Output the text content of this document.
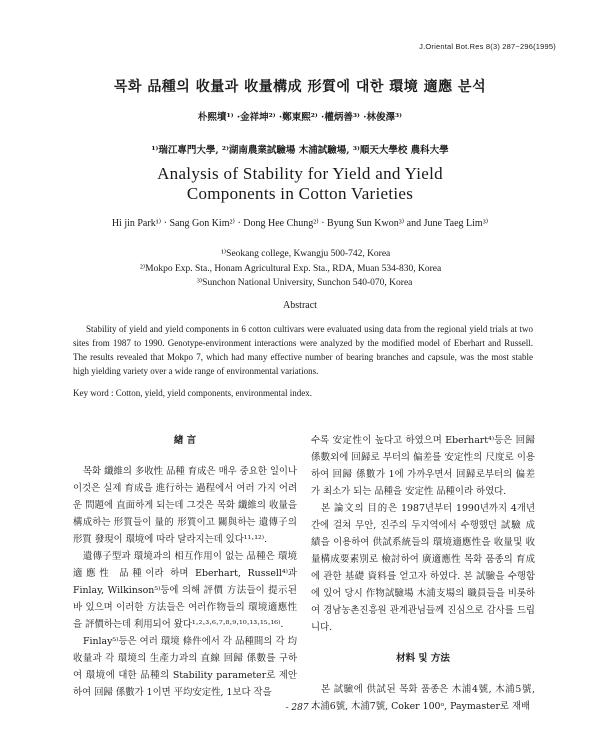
J.Oriental Bot.Res 8(3) 287~296(1995)
목화 品種의 收量과 收量構成 形質에 대한 環境 適應 분석
朴熙墳¹⁾ ·金祥坤²⁾ ·鄭東熙²⁾ ·權炳善³⁾ ·林俊澤³⁾
¹⁾瑞江專門大學, ²⁾湖南農業試驗場 木浦試驗場, ³⁾順天大學校 農科大學
Analysis of Stability for Yield and Yield
Components in Cotton Varieties
Hi jin Park¹⁾ · Sang Gon Kim²⁾ · Dong Hee Chung²⁾ · Byung Sun Kwon³⁾ and June Taeg Lim³⁾
¹⁾Seokang college, Kwangju 500-742, Korea
²⁾Mokpo Exp. Sta., Honam Agricultural Exp. Sta., RDA, Muan 534-830, Korea
³⁾Sunchon National University, Sunchon 540-070, Korea
Abstract
Stability of yield and yield components in 6 cotton cultivars were evaluated using data from the regional yield trials at two sites from 1987 to 1990. Genotype-environment interactions were analyzed by the modified model of Eberhart and Russell. The results revealed that Mokpo 7, which had many effective number of bearing branches and capsule, was the most stable high yielding variety over a wide range of environmental variations.
Key word : Cotton, yield, yield components, environmental index.

緖 言

목화 纖維의 多收性 品種 育成은 매우 중요한 일이나 이것은 실제 育成을 進行하는 過程에서 여러 가지 어려운 問題에 直面하게 되는데 그것은 목화 纖維의 收量을 構成하는 形質들이 量的 形質이고 關與하는 遺傳子의 形質 發現이 環境에 따라 달라지는데 있다¹¹·¹²⁾.

遺傳子型과 環境과의 相互作用이 없는 品種은 環境適應性 品種이라 하며 Eberhart, Russell⁴⁾과 Finlay, Wilkinson⁵⁾등에 의해 評價 方法들이 提示된바 있으며 이러한 方法들은 여러作物들의 環境適應性을 評價하는데 利用되어 왔다¹·²·³·⁶·⁷·⁸·⁹·¹⁰·¹³·¹⁵·¹⁶⁾.

Finlay⁵⁾등은 여러 環境 條件에서 각 品種間의 각 均收量과 각 環境의 生產力과의 直線 回歸 係數를 구하여 環境에 대한 品種의 Stability parameter로 제안하여 回歸 係數가 1이면 平均安定性, 1보다 작을

수록 安定性이 높다고 하였으며 Eberhart⁴⁾등은 回歸係數외에 回歸로 부터의 偏差를 安定性의 尺度로 이용하여 回歸 係數가 1에 가까우면서 回歸로부터의 偏差가 최소가 되는 品種을 安定性 品種이라 하였다.

본 論文의 目的은 1987년부터 1990년까지 4개년간에 걸쳐 무안, 진주의 두지역에서 수행했던 試驗 成績을 이용하여 供試系統들의 環境適應性을 收量및 收量構成要素別로 檢討하여 廣適應性 목화 품종의 育成에 관한 基礎 資料를 얻고자 하였다. 본 試驗을 수행함에 있어 당시 作物試驗場 木浦支場의 職員들을 비롯하여 경남농촌진흥원 관계관님들께 진심으로 감사를 드립니다.

材料 및 方法

본 試驗에 供試된 목화 품종은 木浦4號, 木浦5號, 木浦6號, 木浦7號, Coker 100ᵒ, Paymaster로 재배

- 287 -
